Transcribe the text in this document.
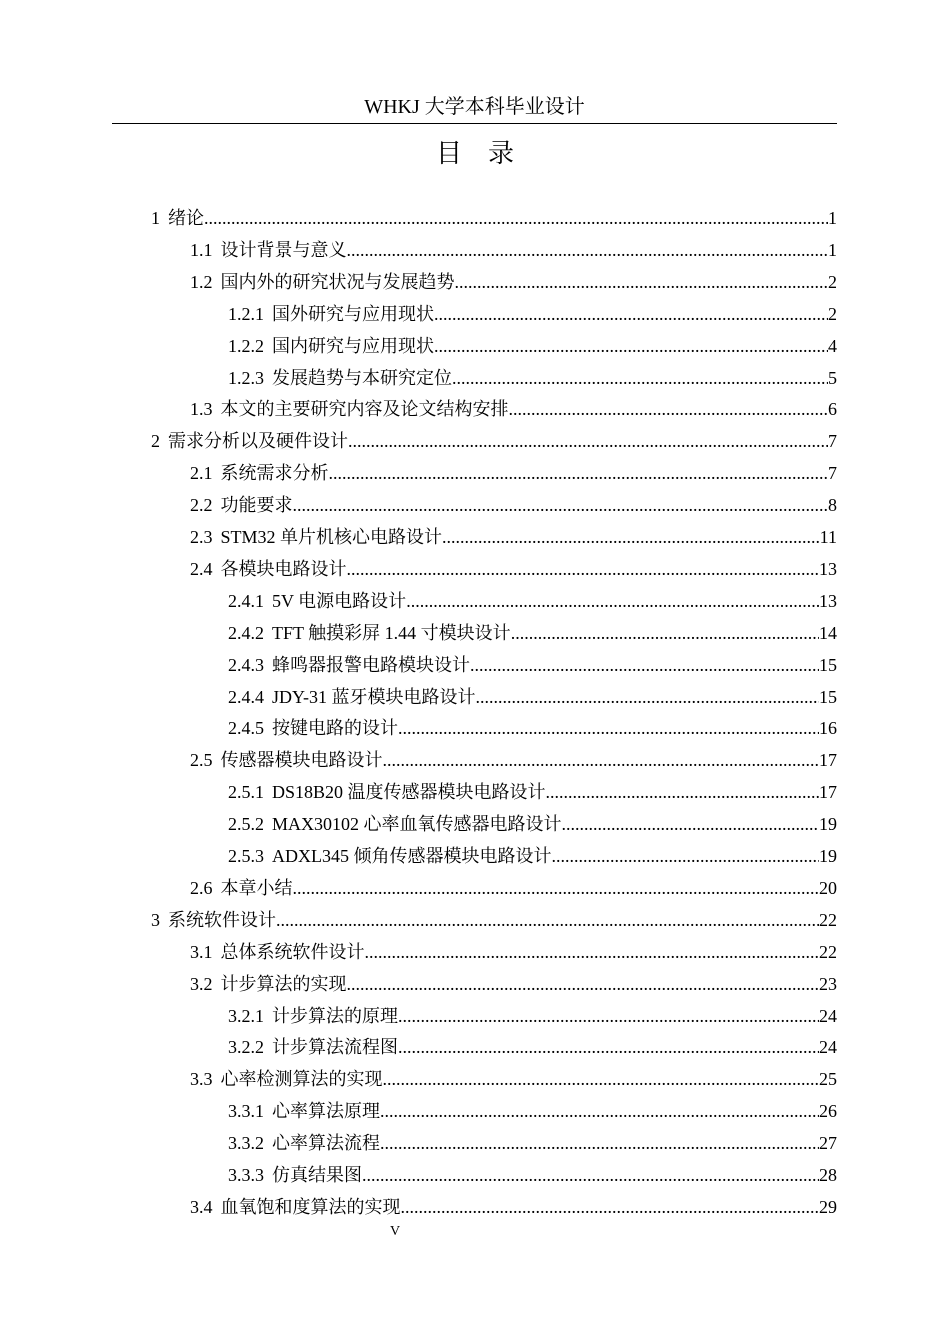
WHKJ 大学本科毕业设计
目录
1 绪论 .....	1
1.1 设计背景与意义 .....	1
1.2 国内外的研究状况与发展趋势 .....	2
1.2.1 国外研究与应用现状 .....	2
1.2.2 国内研究与应用现状 .....	4
1.2.3 发展趋势与本研究定位 .....	5
1.3 本文的主要研究内容及论文结构安排 .....	6
2 需求分析以及硬件设计 .....	7
2.1 系统需求分析 .....	7
2.2 功能要求 .....	8
2.3 STM32 单片机核心电路设计 .....	11
2.4 各模块电路设计 .....	13
2.4.1 5V 电源电路设计 .....	13
2.4.2 TFT 触摸彩屏 1.44 寸模块设计 .....	14
2.4.3 蜂鸣器报警电路模块设计 .....	15
2.4.4 JDY-31 蓝牙模块电路设计 .....	15
2.4.5 按键电路的设计 .....	16
2.5 传感器模块电路设计 .....	17
2.5.1 DS18B20 温度传感器模块电路设计 .....	17
2.5.2 MAX30102 心率血氧传感器电路设计 .....	19
2.5.3 ADXL345 倾角传感器模块电路设计 .....	19
2.6 本章小结 .....	20
3 系统软件设计 .....	22
3.1 总体系统软件设计 .....	22
3.2 计步算法的实现 .....	23
3.2.1 计步算法的原理 .....	24
3.2.2 计步算法流程图 .....	24
3.3 心率检测算法的实现 .....	25
3.3.1 心率算法原理 .....	26
3.3.2 心率算法流程 .....	27
3.3.3 仿真结果图 .....	28
3.4 血氧饱和度算法的实现 .....	29
V
